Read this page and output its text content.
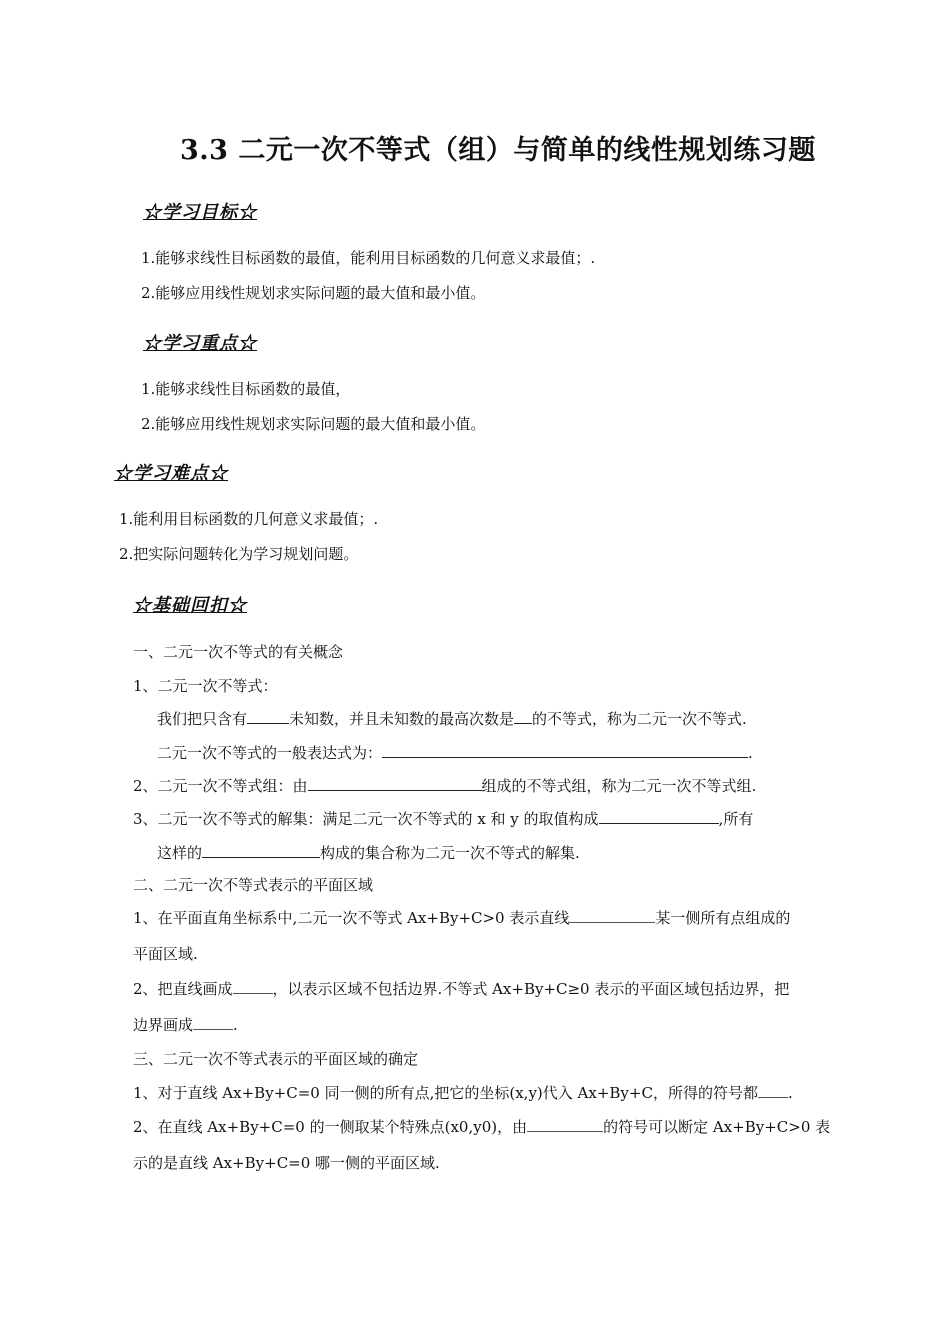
3.3 二元一次不等式（组）与简单的线性规划练习题
☆学习目标☆
1.能够求线性目标函数的最值，能利用目标函数的几何意义求最值；.
2.能够应用线性规划求实际问题的最大值和最小值。
☆学习重点☆
1.能够求线性目标函数的最值，
2.能够应用线性规划求实际问题的最大值和最小值。
☆学习难点☆
1.能利用目标函数的几何意义求最值；.
2.把实际问题转化为学习规划问题。
☆基础回扣☆
一、二元一次不等式的有关概念
1、二元一次不等式：
我们把只含有	未知数，并且未知数的最高次数是 的不等式，称为二元一次不等式.
二元一次不等式的一般表达式为：	.
2、二元一次不等式组：由	组成的不等式组，称为二元一次不等式组.
3、二元一次不等式的解集：满足二元一次不等式的 x 和 y 的取值构成	,所有
这样的	构成的集合称为二元一次不等式的解集.
二、二元一次不等式表示的平面区域
1、在平面直角坐标系中,二元一次不等式 Ax+By+C>0 表示直线	某一侧所有点组成的
平面区域.
2、把直线画成	，以表示区域不包括边界.不等式 Ax+By+C≥0 表示的平面区域包括边界，把
边界画成	.
三、二元一次不等式表示的平面区域的确定
1、对于直线 Ax+By+C=0 同一侧的所有点,把它的坐标(x,y)代入 Ax+By+C，所得的符号都 .
2、在直线 Ax+By+C=0 的一侧取某个特殊点(x0,y0)，由	的符号可以断定 Ax+By+C>0 表
示的是直线 Ax+By+C=0 哪一侧的平面区域.
